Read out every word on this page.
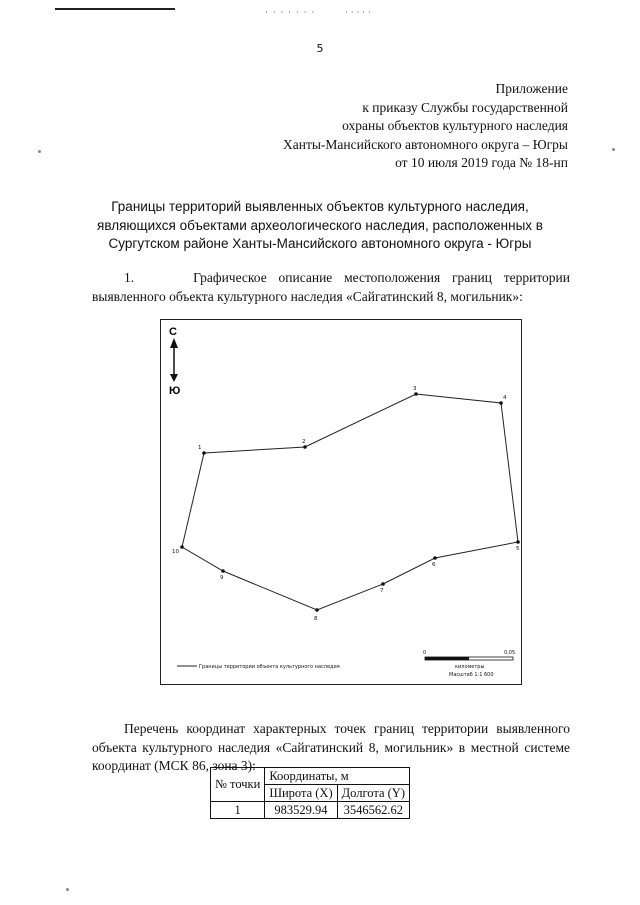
· · · · · · ·	· · · · ·
5
Приложение
к приказу Службы государственной
охраны объектов культурного наследия
Ханты-Мансийского автономного округа – Югры
от 10 июля 2019 года № 18-нп
Границы территорий выявленных объектов культурного наследия,
являющихся объектами археологического наследия, расположенных в
Сургутском районе Ханты-Мансийского автономного округа - Югры
1.	Графическое описание местоположения границ территории выявленного объекта культурного наследия «Сайгатинский 8, могильник»:
С
Ю
1
2
3
4
5
6
7
8
9
10
Границы территории объекта культурного наследия
0	0,05
километры
Масштаб 1:1 600
Перечень координат характерных точек границ территории выявленного объекта культурного наследия «Сайгатинский 8, могильник» в местной системе координат (МСК 86, зона 3):
№ точки	Координаты, м	
	Широта (X)	Долгота (Y)
1	983529.94	3546562.62
